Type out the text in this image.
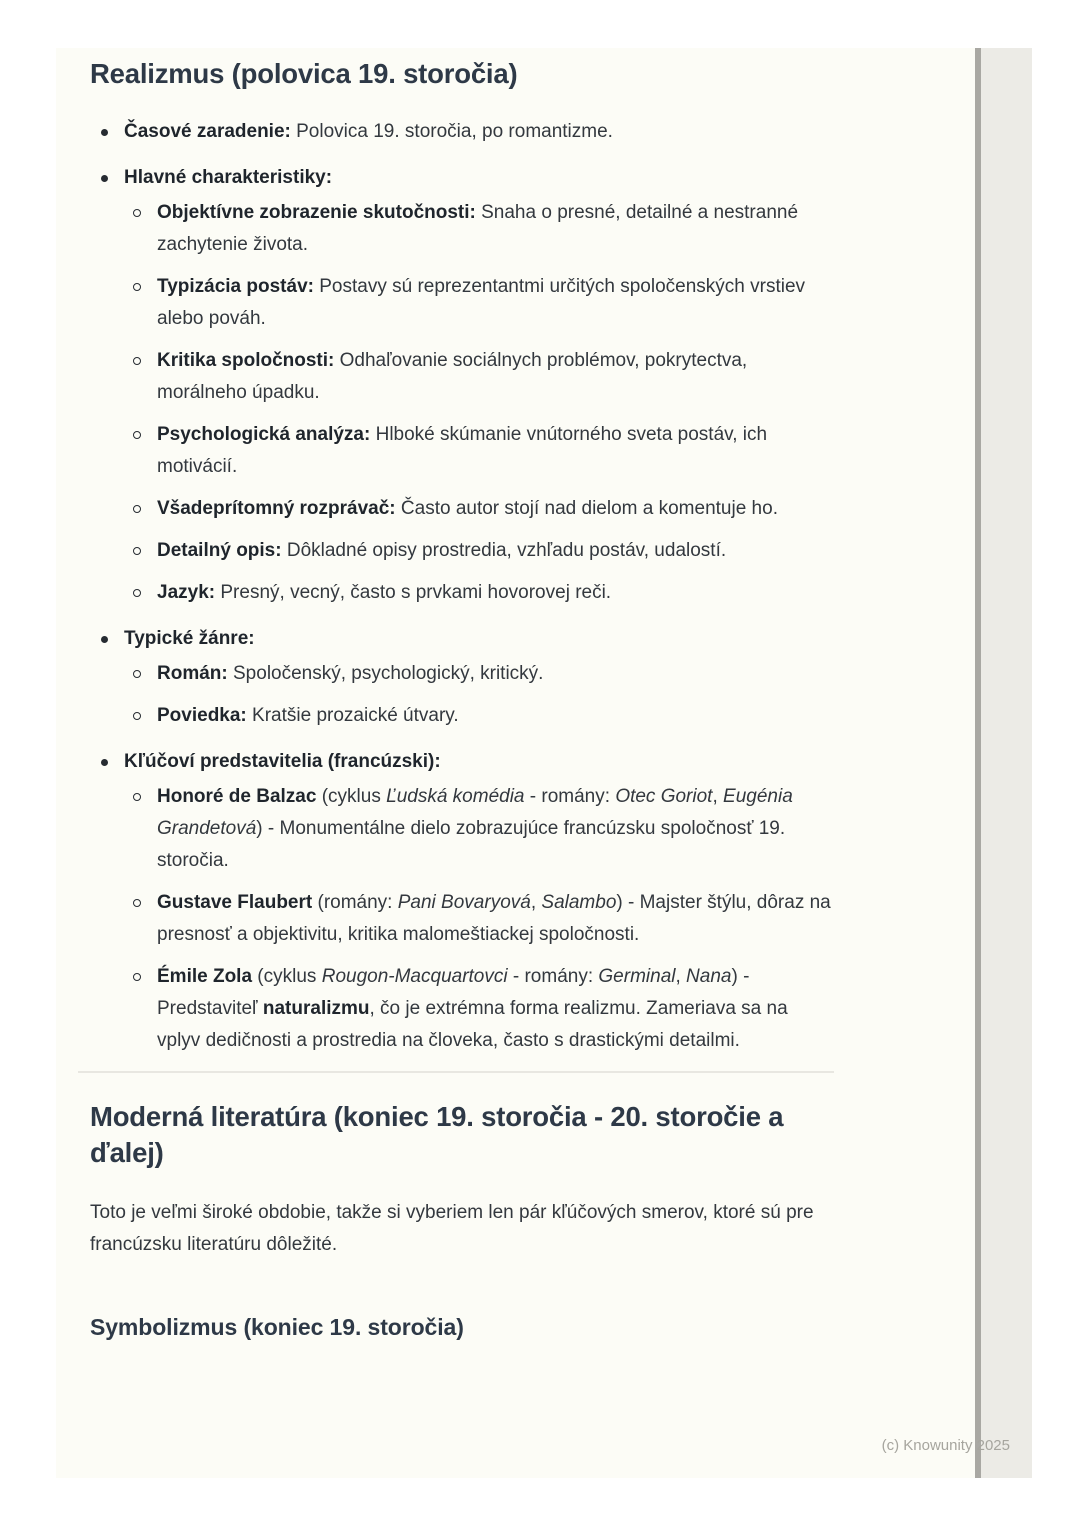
Realizmus (polovica 19. storočia)
Časové zaradenie: Polovica 19. storočia, po romantizme.
Hlavné charakteristiky:
Objektívne zobrazenie skutočnosti: Snaha o presné, detailné a nestranné zachytenie života.
Typizácia postáv: Postavy sú reprezentantmi určitých spoločenských vrstiev alebo pováh.
Kritika spoločnosti: Odhaľovanie sociálnych problémov, pokrytectva, morálneho úpadku.
Psychologická analýza: Hlboké skúmanie vnútorného sveta postáv, ich motivácií.
Všadeprítomný rozprávač: Často autor stojí nad dielom a komentuje ho.
Detailný opis: Dôkladné opisy prostredia, vzhľadu postáv, udalostí.
Jazyk: Presný, vecný, často s prvkami hovorovej reči.
Typické žánre:
Román: Spoločenský, psychologický, kritický.
Poviedka: Kratšie prozaické útvary.
Kľúčoví predstavitelia (francúzski):
Honoré de Balzac (cyklus Ľudská komédia - romány: Otec Goriot, Eugénia Grandetová) - Monumentálne dielo zobrazujúce francúzsku spoločnosť 19. storočia.
Gustave Flaubert (romány: Pani Bovaryová, Salambo) - Majster štýlu, dôraz na presnosť a objektivitu, kritika malomeštiackej spoločnosti.
Émile Zola (cyklus Rougon-Macquartovci - romány: Germinal, Nana) - Predstaviteľ naturalizmu, čo je extrémna forma realizmu. Zameriava sa na vplyv dedičnosti a prostredia na človeka, často s drastickými detailmi.
Moderná literatúra (koniec 19. storočia - 20. storočie a ďalej)

Toto je veľmi široké obdobie, takže si vyberiem len pár kľúčových smerov, ktoré sú pre francúzsku literatúru dôležité.

Symbolizmus (koniec 19. storočia)
(c) Knowunity 2025
